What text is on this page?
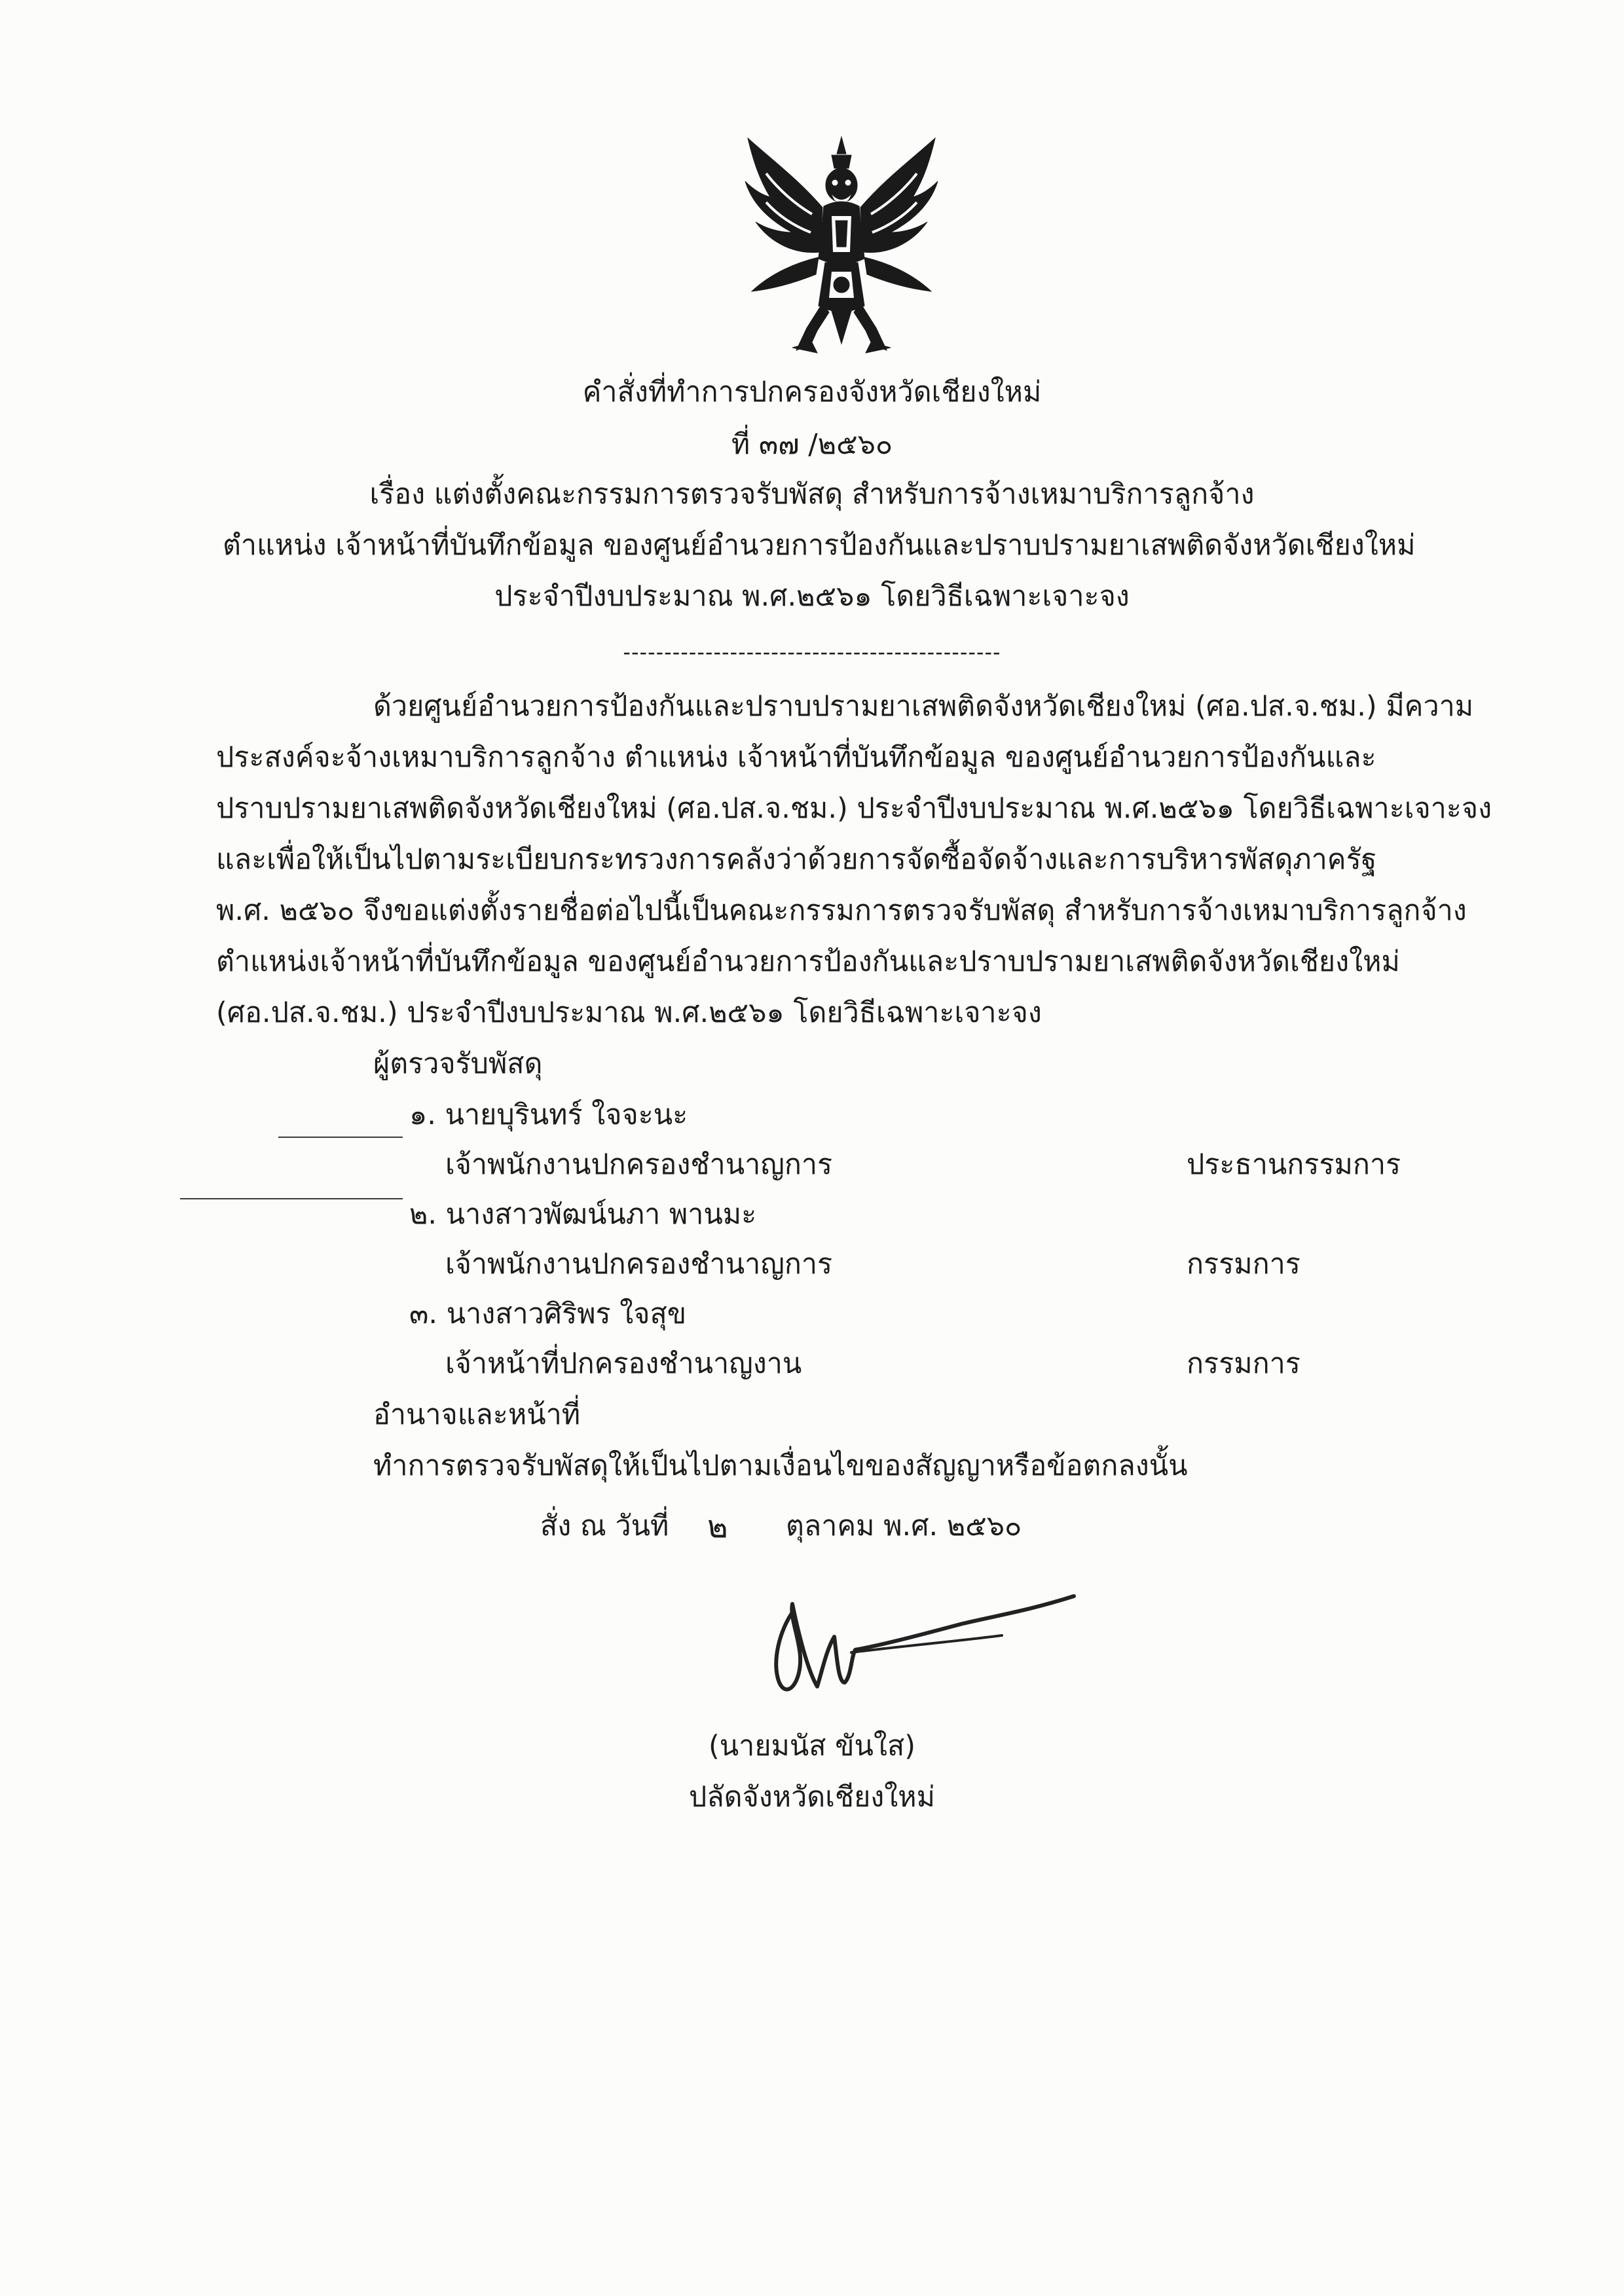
คำสั่งที่ทำการปกครองจังหวัดเชียงใหม่
ที่ ๓๗ /๒๕๖๐
เรื่อง แต่งตั้งคณะกรรมการตรวจรับพัสดุ สำหรับการจ้างเหมาบริการลูกจ้าง
ตำแหน่ง เจ้าหน้าที่บันทึกข้อมูล ของศูนย์อำนวยการป้องกันและปราบปรามยาเสพติดจังหวัดเชียงใหม่
ประจำปีงบประมาณ พ.ศ.๒๕๖๑ โดยวิธีเฉพาะเจาะจง
----------------------------------------------
ด้วยศูนย์อำนวยการป้องกันและปราบปรามยาเสพติดจังหวัดเชียงใหม่ (ศอ.ปส.จ.ชม.) มีความ
ประสงค์จะจ้างเหมาบริการลูกจ้าง ตำแหน่ง เจ้าหน้าที่บันทึกข้อมูล ของศูนย์อำนวยการป้องกันและ
ปราบปรามยาเสพติดจังหวัดเชียงใหม่ (ศอ.ปส.จ.ชม.) ประจำปีงบประมาณ พ.ศ.๒๕๖๑ โดยวิธีเฉพาะเจาะจง
และเพื่อให้เป็นไปตามระเบียบกระทรวงการคลังว่าด้วยการจัดซื้อจัดจ้างและการบริหารพัสดุภาครัฐ
พ.ศ. ๒๕๖๐ จึงขอแต่งตั้งรายชื่อต่อไปนี้เป็นคณะกรรมการตรวจรับพัสดุ สำหรับการจ้างเหมาบริการลูกจ้าง
ตำแหน่งเจ้าหน้าที่บันทึกข้อมูล ของศูนย์อำนวยการป้องกันและปราบปรามยาเสพติดจังหวัดเชียงใหม่
(ศอ.ปส.จ.ชม.) ประจำปีงบประมาณ พ.ศ.๒๕๖๑ โดยวิธีเฉพาะเจาะจง
ผู้ตรวจรับพัสดุ
๑. นายบุรินทร์ ใจจะนะ
เจ้าพนักงานปกครองชำนาญการ	ประธานกรรมการ
๒. นางสาวพัฒน์นภา พานมะ
เจ้าพนักงานปกครองชำนาญการ	กรรมการ
๓. นางสาวศิริพร ใจสุข
เจ้าหน้าที่ปกครองชำนาญงาน	กรรมการ
อำนาจและหน้าที่
ทำการตรวจรับพัสดุให้เป็นไปตามเงื่อนไขของสัญญาหรือข้อตกลงนั้น
สั่ง ณ วันที่ ๒ ตุลาคม พ.ศ. ๒๕๖๐
(นายมนัส ขันใส)
ปลัดจังหวัดเชียงใหม่
